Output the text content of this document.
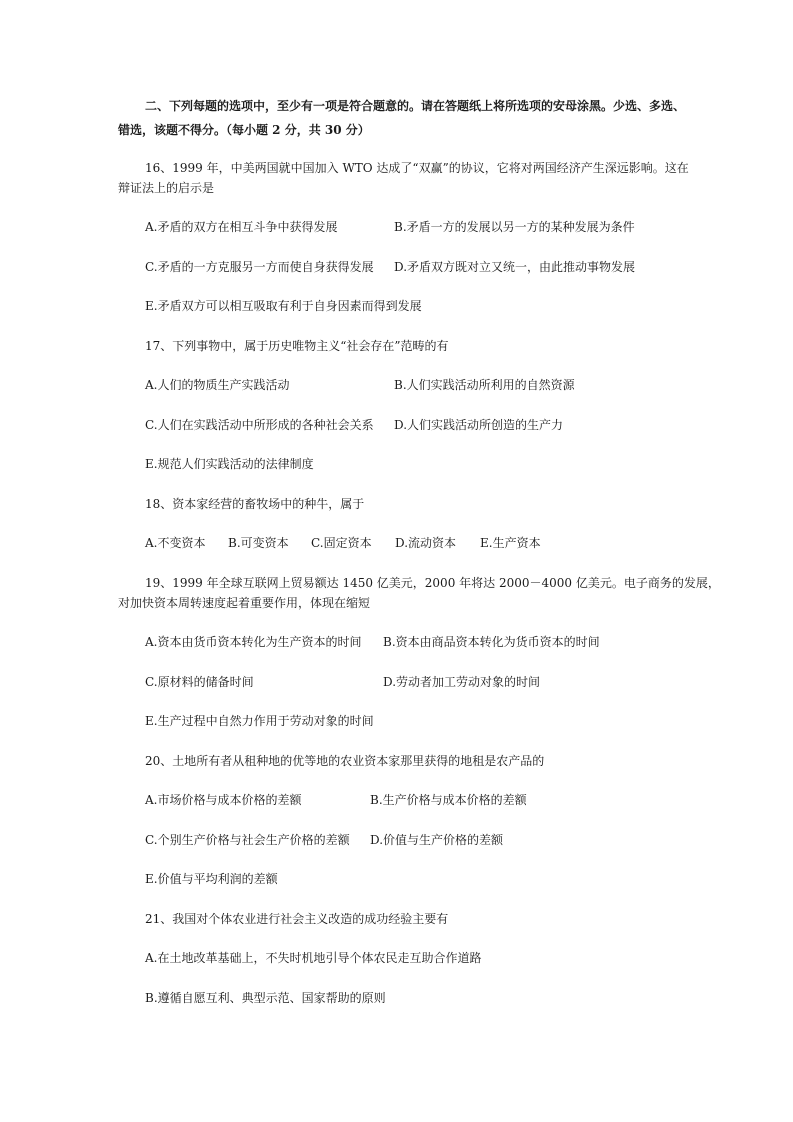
二、下列每题的选项中，至少有一项是符合题意的。请在答题纸上将所选项的安母涂黑。少选、多选、
错选，该题不得分。（每小题 2 分，共 30 分）
16、1999 年，中美两国就中国加入 WTO 达成了“双赢”的协议，它将对两国经济产生深远影响。这在
辩证法上的启示是
A.矛盾的双方在相互斗争中获得发展	B.矛盾一方的发展以另一方的某种发展为条件
C.矛盾的一方克服另一方而使自身获得发展 D.矛盾双方既对立又统一，由此推动事物发展
E.矛盾双方可以相互吸取有利于自身因素而得到发展
17、下列事物中，属于历史唯物主义“社会存在”范畴的有
A.人们的物质生产实践活动	B.人们实践活动所利用的自然资源
C.人们在实践活动中所形成的各种社会关系 D.人们实践活动所创造的生产力
E.规范人们实践活动的法律制度
18、资本家经营的畜牧场中的种牛，属于
A.不变资本 B.可变资本 C.固定资本 D.流动资本 E.生产资本
19、1999 年全球互联网上贸易额达 1450 亿美元，2000 年将达 2000－4000 亿美元。电子商务的发展，
对加快资本周转速度起着重要作用，体现在缩短
A.资本由货币资本转化为生产资本的时间 B.资本由商品资本转化为货币资本的时间
C.原材料的储备时间	D.劳动者加工劳动对象的时间
E.生产过程中自然力作用于劳动对象的时间
20、土地所有者从租种地的优等地的农业资本家那里获得的地租是农产品的
A.市场价格与成本价格的差额	B.生产价格与成本价格的差额
C.个别生产价格与社会生产价格的差额 D.价值与生产价格的差额
E.价值与平均利润的差额
21、我国对个体农业进行社会主义改造的成功经验主要有
A.在土地改革基础上，不失时机地引导个体农民走互助合作道路
B.遵循自愿互利、典型示范、国家帮助的原则
